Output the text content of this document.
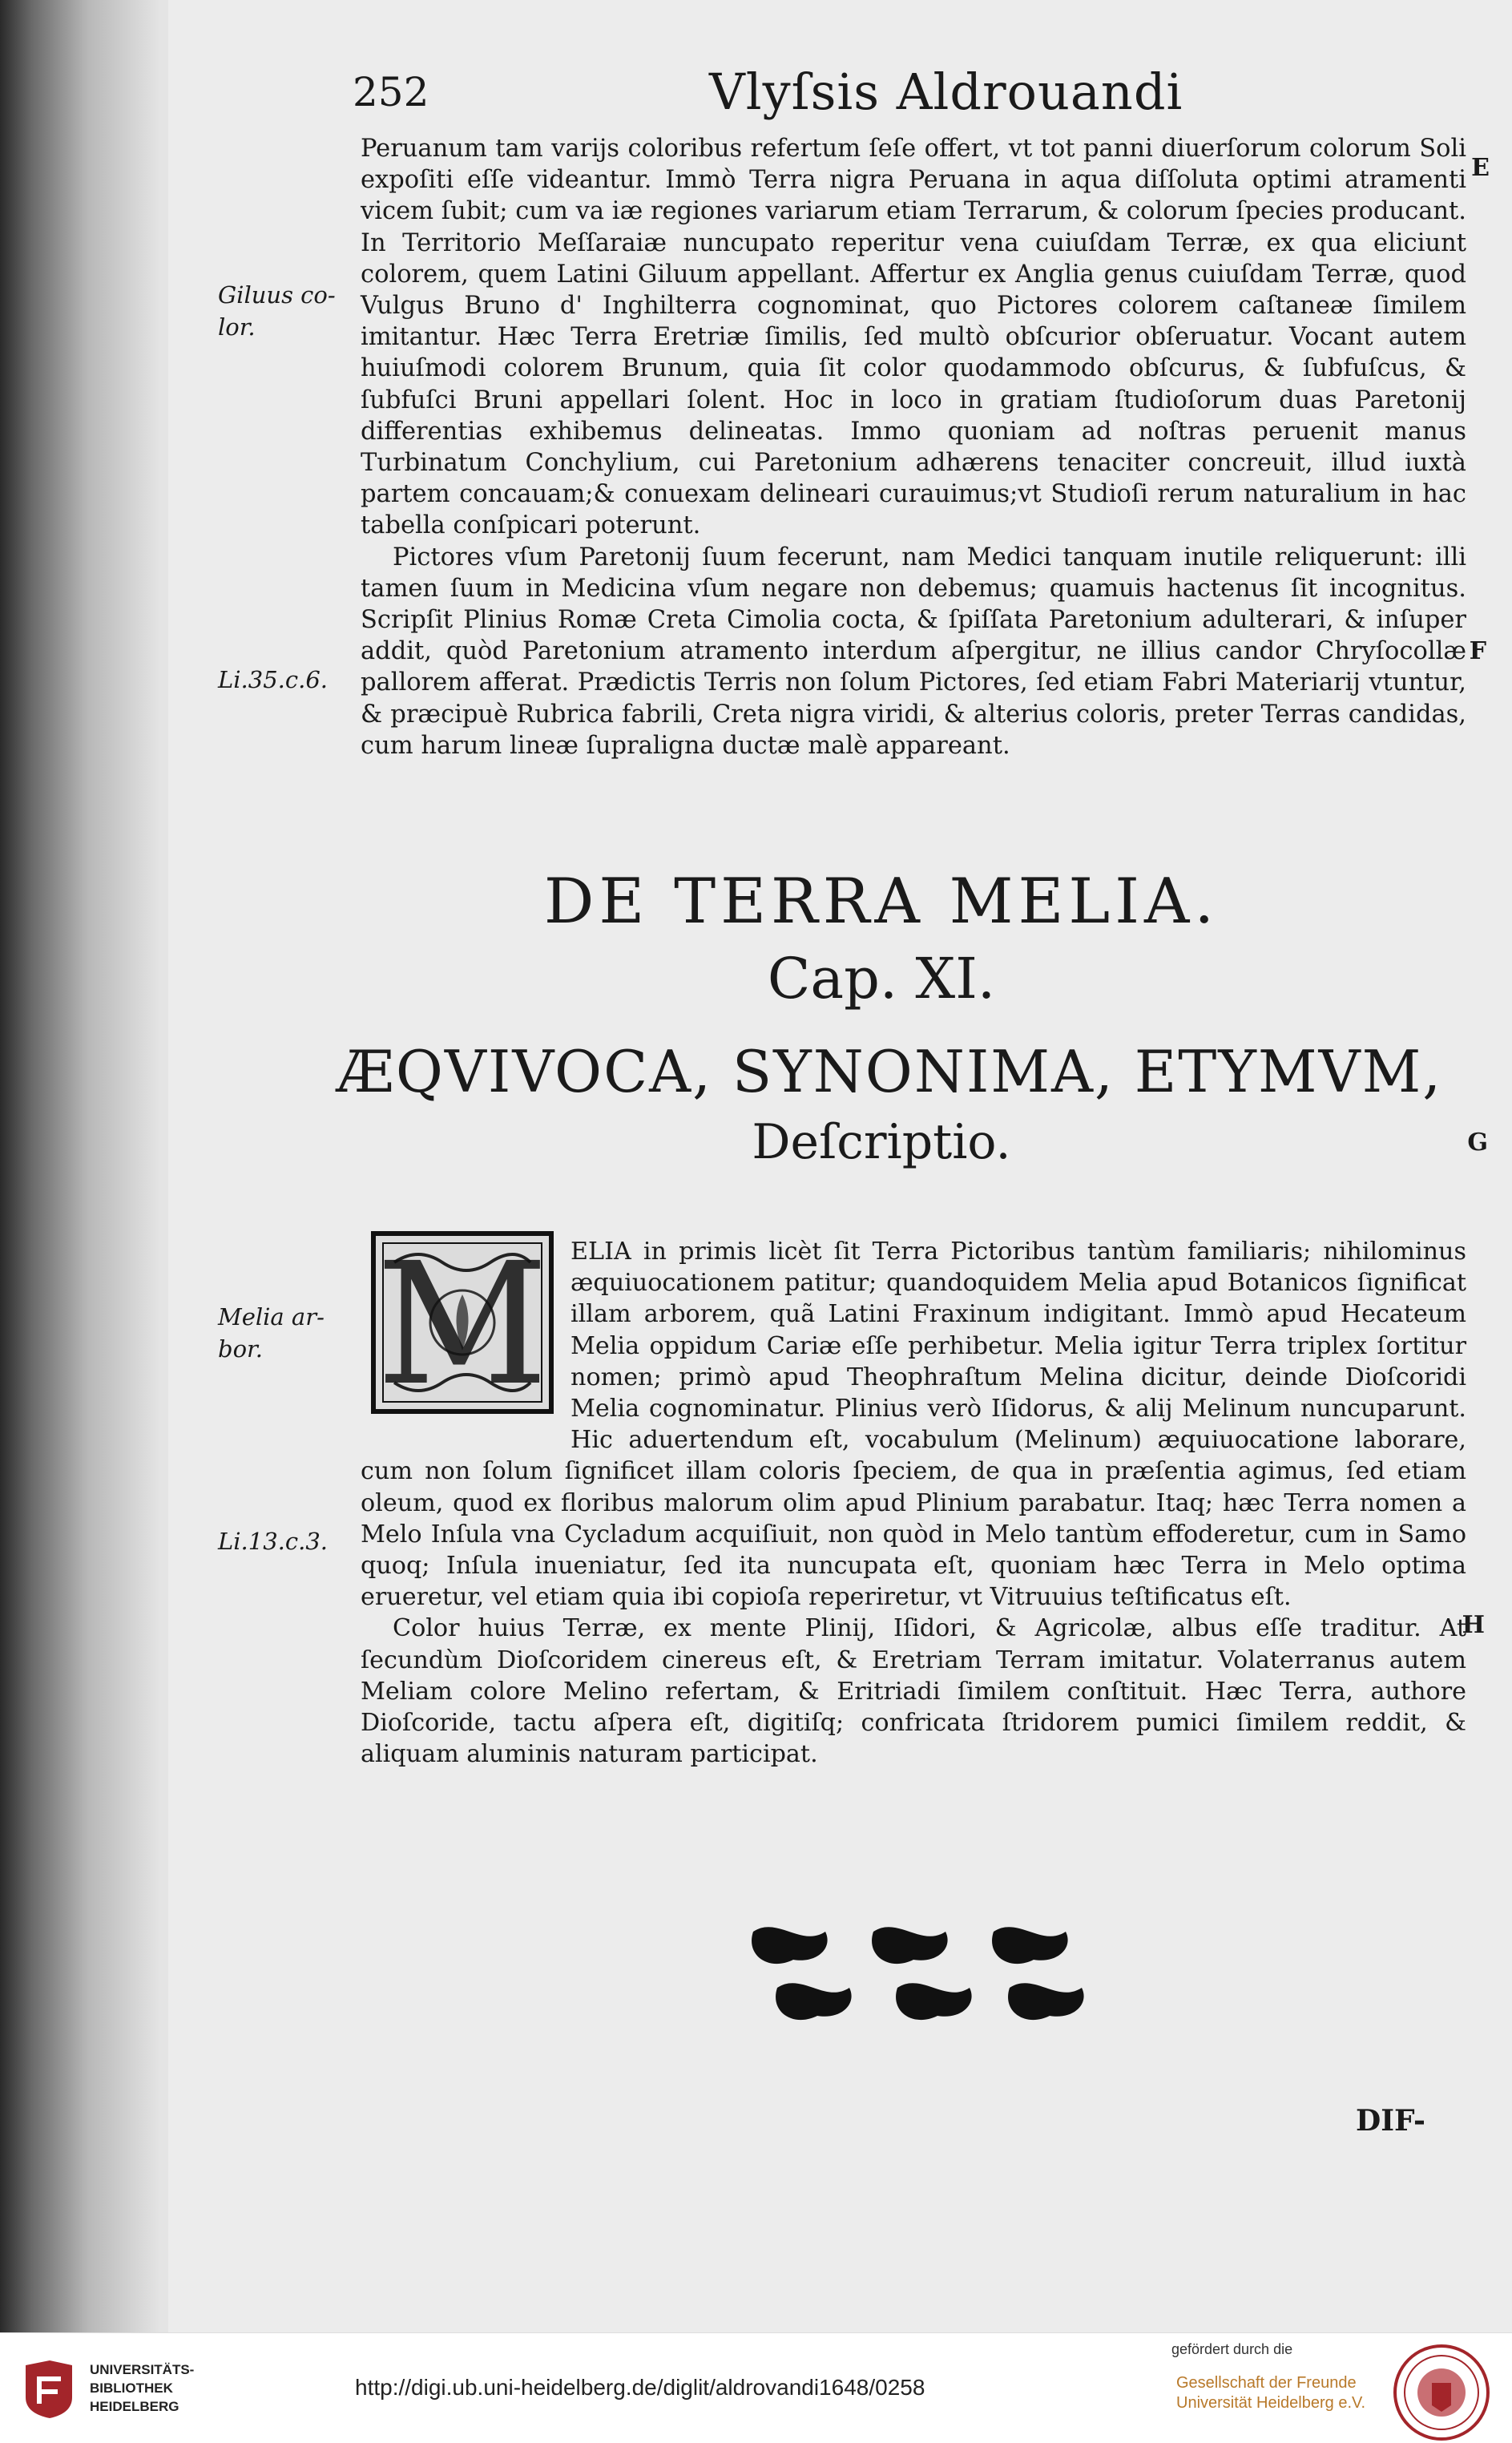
252	Vlyſsis Aldrouandi
Giluus co-
lor.
Li.35.c.6.
Melia ar-
bor.
Li.13.c.3.
E
F
G
H

Peruanum tam varijs coloribus refertum ſeſe offert, vt tot panni diuerſorum colorum Soli expoſiti eſſe videantur. Immò Terra nigra Peruana in aqua diſſoluta optimi atramenti vicem ſubit; cum va iæ regiones variarum etiam Terrarum, & colorum ſpecies producant. In Territorio Meſſaraiæ nuncupato reperitur vena cuiuſdam Terræ, ex qua eliciunt colorem, quem Latini Giluum appellant. Affertur ex Anglia genus cuiuſdam Terræ, quod Vulgus Bruno d' Inghilterra cognominat, quo Pictores colorem caſtaneæ ſimilem imitantur. Hæc Terra Eretriæ ſimilis, ſed multò obſcurior obſeruatur. Vocant autem huiuſmodi colorem Brunum, quia ſit color quodammodo obſcurus, & ſubfuſcus, & ſubfuſci Bruni appellari ſolent. Hoc in loco in gratiam ſtudioſorum duas Paretonij differentias exhibemus delineatas. Immo quoniam ad noſtras peruenit manus Turbinatum Conchylium, cui Paretonium adhærens tenaciter concreuit, illud iuxtà partem concauam;& conuexam delineari curauimus;vt Studioſi rerum naturalium in hac tabella conſpicari poterunt.

Pictores vſum Paretonij ſuum fecerunt, nam Medici tanquam inutile reliquerunt: illi tamen ſuum in Medicina vſum negare non debemus; quamuis hactenus ſit incognitus. Scripſit Plinius Romæ Creta Cimolia cocta, & ſpiſſata Paretonium adulterari, & inſuper addit, quòd Paretonium atramento interdum aſpergitur, ne illius candor Chryſocollæ pallorem afferat. Prædictis Terris non ſolum Pictores, ſed etiam Fabri Materiarij vtuntur, & præcipuè Rubrica fabrili, Creta nigra viridi, & alterius coloris, preter Terras candidas, cum harum lineæ ſupraligna ductæ malè appareant.

DE TERRA MELIA.
Cap. XI.
ÆQVIVOCA, SYNONIMA, ETYMVM,
Deſcriptio.
M ELIA in primis licèt ſit Terra Pictoribus tantùm familiaris; nihilominus æquiuocationem patitur; quandoquidem Melia apud Botanicos ſignificat illam arborem, quã Latini Fraxinum indigitant. Immò apud Hecateum Melia oppidum Cariæ eſſe perhibetur. Melia igitur Terra triplex ſortitur nomen; primò apud Theophraſtum Melina dicitur, deinde Dioſcoridi Melia cognominatur. Plinius verò Iſidorus, & alij Melinum nuncuparunt. Hic aduertendum eſt, vocabulum (Melinum) æquiuocatione laborare, cum non ſolum ſignificet illam coloris ſpeciem, de qua in præſentia agimus, ſed etiam oleum, quod ex floribus malorum olim apud Plinium parabatur. Itaq; hæc Terra nomen a Melo Inſula vna Cycladum acquiſiuit, non quòd in Melo tantùm effoderetur, cum in Samo quoq; Inſula inueniatur, ſed ita nuncupata eſt, quoniam hæc Terra in Melo optima erueretur, vel etiam quia ibi copioſa reperiretur, vt Vitruuius teſtificatus eſt.

Color huius Terræ, ex mente Plinij, Iſidori, & Agricolæ, albus eſſe traditur. At ſecundùm Dioſcoridem cinereus eſt, & Eretriam Terram imitatur. Volaterranus autem Meliam colore Melino refertam, & Eritriadi ſimilem conſtituit. Hæc Terra, authore Dioſcoride, tactu aſpera eſt, digitiſq; confricata ſtridorem pumici ſimilem reddit, & aliquam aluminis naturam participat.

DIF-
UNIVERSITÄTS-
BIBLIOTHEK
HEIDELBERG
http://digi.ub.uni-heidelberg.de/diglit/aldrovandi1648/0258
gefördert durch die
Gesellschaft der Freunde
Universität Heidelberg e.V.
